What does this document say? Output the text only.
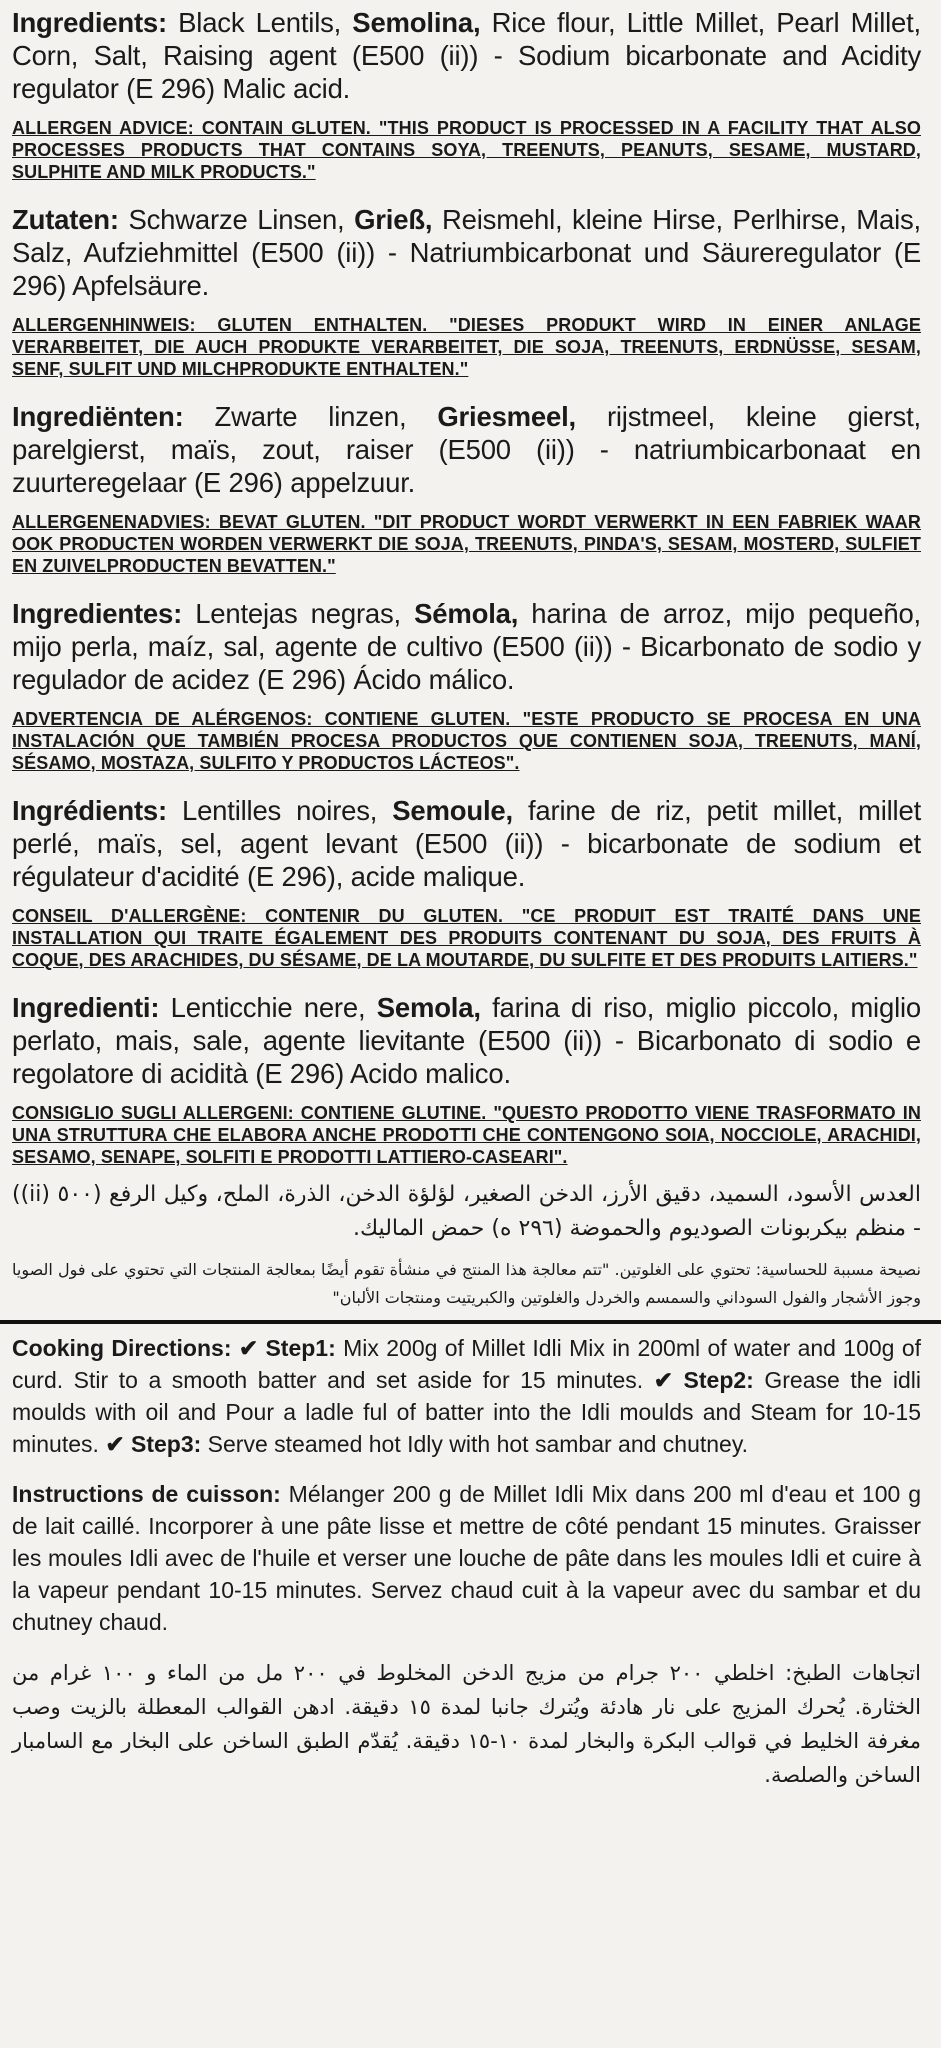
Ingredients: Black Lentils, Semolina, Rice flour, Little Millet, Pearl Millet, Corn, Salt, Raising agent (E500 (ii)) - Sodium bicarbonate and Acidity regulator (E 296) Malic acid.

ALLERGEN ADVICE: CONTAIN GLUTEN. "THIS PRODUCT IS PROCESSED IN A FACILITY THAT ALSO PROCESSES PRODUCTS THAT CONTAINS SOYA, TREENUTS, PEANUTS, SESAME, MUSTARD, SULPHITE AND MILK PRODUCTS."

Zutaten: Schwarze Linsen, Grieß, Reismehl, kleine Hirse, Perlhirse, Mais, Salz, Aufziehmittel (E500 (ii)) - Natriumbicarbonat und Säureregulator (E 296) Apfelsäure.

ALLERGENHINWEIS: GLUTEN ENTHALTEN. "DIESES PRODUKT WIRD IN EINER ANLAGE VERARBEITET, DIE AUCH PRODUKTE VERARBEITET, DIE SOJA, TREENUTS, ERDNÜSSE, SESAM, SENF, SULFIT UND MILCHPRODUKTE ENTHALTEN."

Ingrediënten: Zwarte linzen, Griesmeel, rijstmeel, kleine gierst, parelgierst, maïs, zout, raiser (E500 (ii)) - natriumbicarbonaat en zuurteregelaar (E 296) appelzuur.

ALLERGENENADVIES: BEVAT GLUTEN. "DIT PRODUCT WORDT VERWERKT IN EEN FABRIEK WAAR OOK PRODUCTEN WORDEN VERWERKT DIE SOJA, TREENUTS, PINDA'S, SESAM, MOSTERD, SULFIET EN ZUIVELPRODUCTEN BEVATTEN."

Ingredientes: Lentejas negras, Sémola, harina de arroz, mijo pequeño, mijo perla, maíz, sal, agente de cultivo (E500 (ii)) - Bicarbonato de sodio y regulador de acidez (E 296) Ácido málico.

ADVERTENCIA DE ALÉRGENOS: CONTIENE GLUTEN. "ESTE PRODUCTO SE PROCESA EN UNA INSTALACIÓN QUE TAMBIÉN PROCESA PRODUCTOS QUE CONTIENEN SOJA, TREENUTS, MANÍ, SÉSAMO, MOSTAZA, SULFITO Y PRODUCTOS LÁCTEOS".

Ingrédients: Lentilles noires, Semoule, farine de riz, petit millet, millet perlé, maïs, sel, agent levant (E500 (ii)) - bicarbonate de sodium et régulateur d'acidité (E 296), acide malique.

CONSEIL D'ALLERGÈNE: CONTENIR DU GLUTEN. "CE PRODUIT EST TRAITÉ DANS UNE INSTALLATION QUI TRAITE ÉGALEMENT DES PRODUITS CONTENANT DU SOJA, DES FRUITS À COQUE, DES ARACHIDES, DU SÉSAME, DE LA MOUTARDE, DU SULFITE ET DES PRODUITS LAITIERS."

Ingredienti: Lenticchie nere, Semola, farina di riso, miglio piccolo, miglio perlato, mais, sale, agente lievitante (E500 (ii)) - Bicarbonato di sodio e regolatore di acidità (E 296) Acido malico.

CONSIGLIO SUGLI ALLERGENI: CONTIENE GLUTINE. "QUESTO PRODOTTO VIENE TRASFORMATO IN UNA STRUTTURA CHE ELABORA ANCHE PRODOTTI CHE CONTENGONO SOIA, NOCCIOLE, ARACHIDI, SESAMO, SENAPE, SOLFITI E PRODOTTI LATTIERO-CASEARI".

العدس الأسود، السميد، دقيق الأرز، الدخن الصغير، لؤلؤة الدخن، الذرة، الملح، وكيل الرفع (٥٠٠ (ii)) - منظم بيكربونات الصوديوم والحموضة (٢٩٦ ه) حمض الماليك.

نصيحة مسببة للحساسية: تحتوي على الغلوتين. "تتم معالجة هذا المنتج في منشأة تقوم أيضًا بمعالجة المنتجات التي تحتوي على فول الصويا وجوز الأشجار والفول السوداني والسمسم والخردل والغلوتين والكبريتيت ومنتجات الألبان"

Cooking Directions: ✔ Step1: Mix 200g of Millet Idli Mix in 200ml of water and 100g of curd. Stir to a smooth batter and set aside for 15 minutes. ✔ Step2: Grease the idli moulds with oil and Pour a ladle ful of batter into the Idli moulds and Steam for 10-15 minutes. ✔ Step3: Serve steamed hot Idly with hot sambar and chutney.

Instructions de cuisson: Mélanger 200 g de Millet Idli Mix dans 200 ml d'eau et 100 g de lait caillé. Incorporer à une pâte lisse et mettre de côté pendant 15 minutes. Graisser les moules Idli avec de l'huile et verser une louche de pâte dans les moules Idli et cuire à la vapeur pendant 10-15 minutes. Servez chaud cuit à la vapeur avec du sambar et du chutney chaud.

اتجاهات الطبخ: اخلطي ٢٠٠ جرام من مزيج الدخن المخلوط في ٢٠٠ مل من الماء و ١٠٠ غرام من الخثارة. يُحرك المزيج على نار هادئة ويُترك جانبا لمدة ١٥ دقيقة. ادهن القوالب المعطلة بالزيت وصب مغرفة الخليط في قوالب البكرة والبخار لمدة ١٠-١٥ دقيقة. يُقدّم الطبق الساخن على البخار مع السامبار الساخن والصلصة.
